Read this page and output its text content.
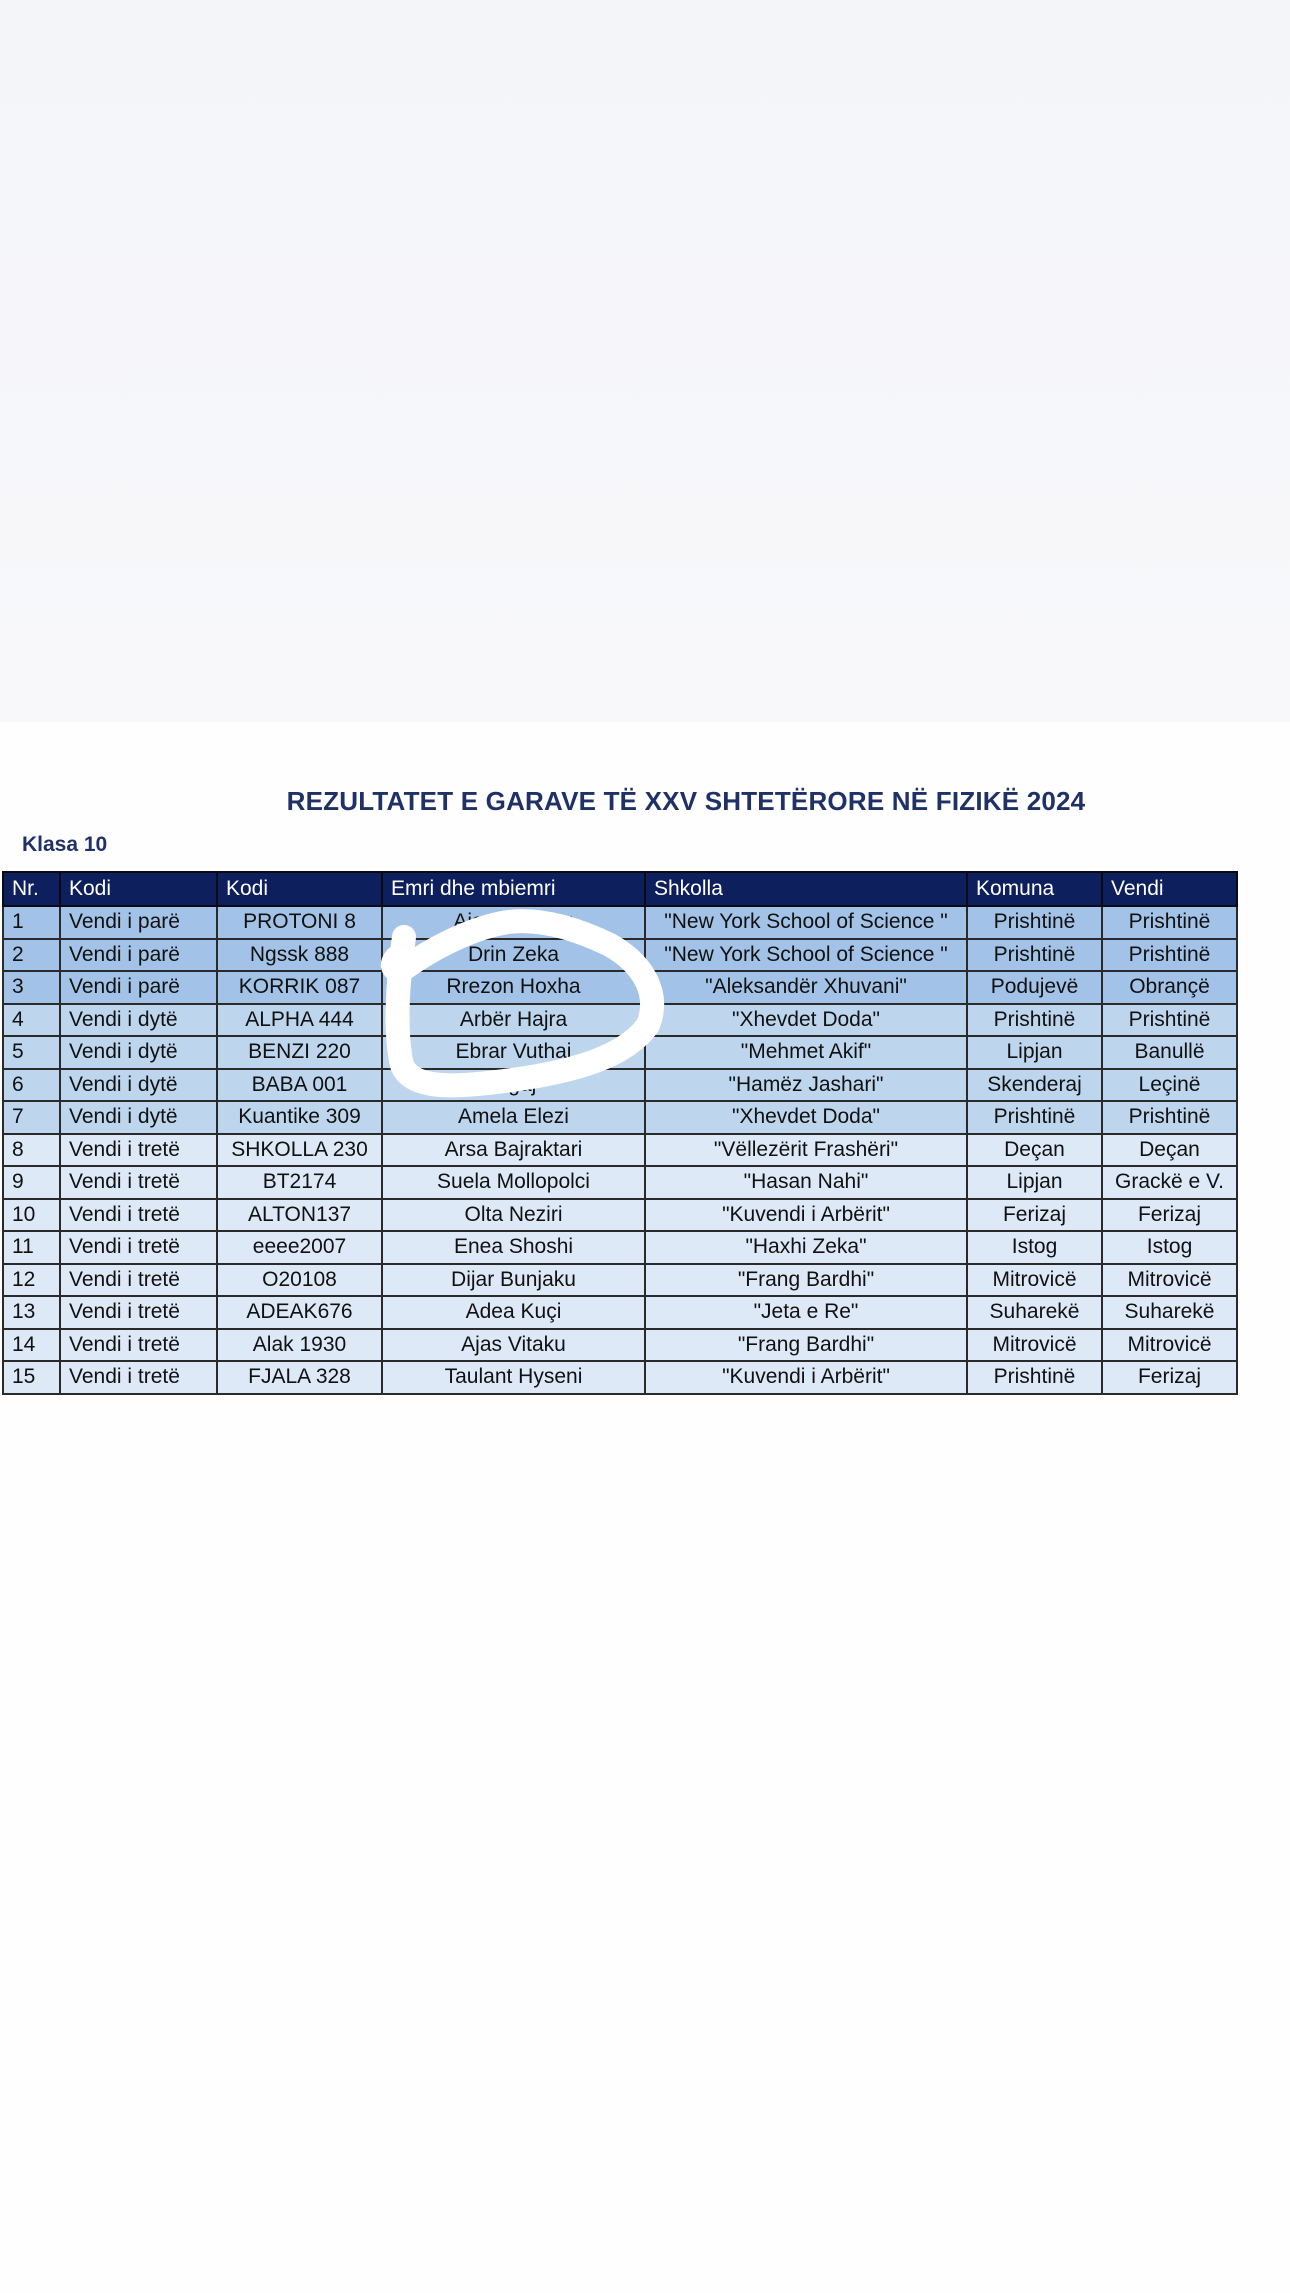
REZULTATET E GARAVE TË XXV SHTETËRORE NË FIZIKË 2024
Klasa 10
Nr.	Kodi	Kodi	Emri dhe mbiemri	Shkolla	Komuna	Vendi
1	Vendi i parë	PROTONI 8	Ajan H...jahu	"New York School of Science "	Prishtinë	Prishtinë
2	Vendi i parë	Ngssk 888	Drin Zeka	"New York School of Science "	Prishtinë	Prishtinë
3	Vendi i parë	KORRIK 087	Rrezon Hoxha	"Aleksandër Xhuvani"	Podujevë	Obrançë
4	Vendi i dytë	ALPHA 444	Arbër Hajra	"Xhevdet Doda"	Prishtinë	Prishtinë
5	Vendi i dytë	BENZI 220	Ebrar Vuthaj	"Mehmet Akif"	Lipjan	Banullë
6	Vendi i dytë	BABA 001	...gaj	"Hamëz Jashari"	Skenderaj	Leçinë
7	Vendi i dytë	Kuantike 309	Amela Elezi	"Xhevdet Doda"	Prishtinë	Prishtinë
8	Vendi i tretë	SHKOLLA 230	Arsa Bajraktari	"Vëllezërit Frashëri"	Deçan	Deçan
9	Vendi i tretë	BT2174	Suela Mollopolci	"Hasan Nahi"	Lipjan	Grackë e V.
10	Vendi i tretë	ALTON137	Olta Neziri	"Kuvendi i Arbërit"	Ferizaj	Ferizaj
11	Vendi i tretë	eeee2007	Enea Shoshi	"Haxhi Zeka"	Istog	Istog
12	Vendi i tretë	O20108	Dijar Bunjaku	"Frang Bardhi"	Mitrovicë	Mitrovicë
13	Vendi i tretë	ADEAK676	Adea Kuçi	"Jeta e Re"	Suharekë	Suharekë
14	Vendi i tretë	Alak 1930	Ajas Vitaku	"Frang Bardhi"	Mitrovicë	Mitrovicë
15	Vendi i tretë	FJALA 328	Taulant Hyseni	"Kuvendi i Arbërit"	Prishtinë	Ferizaj
